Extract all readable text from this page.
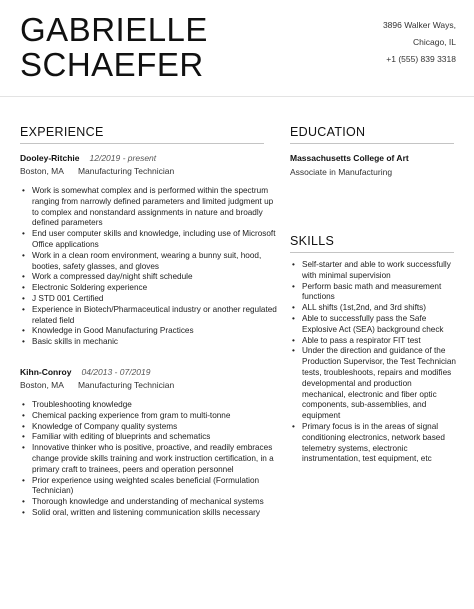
GABRIELLE
SCHAEFER
3896 Walker Ways,
Chicago, IL
+1 (555) 839 3318
EXPERIENCE
Dooley-Ritchie 12/2019 - present
Boston, MA Manufacturing Technician
• Work is somewhat complex and is performed within the spectrum ranging from narrowly defined parameters and limited judgment up to complex and nonstandard assignments in nature and broadly defined parameters
• End user computer skills and knowledge, including use of Microsoft Office applications
• Work in a clean room environment, wearing a bunny suit, hood, booties, safety glasses, and gloves
• Work a compressed day/night shift schedule
• Electronic Soldering experience
• J STD 001 Certified
• Experience in Biotech/Pharmaceutical industry or another regulated related field
• Knowledge in Good Manufacturing Practices
• Basic skills in mechanic
Kihn-Conroy 04/2013 - 07/2019
Boston, MA Manufacturing Technician
• Troubleshooting knowledge
• Chemical packing experience from gram to multi-tonne
• Knowledge of Company quality systems
• Familiar with editing of blueprints and schematics
• Innovative thinker who is positive, proactive, and readily embraces change provide skills training and work instruction certification, in a primary craft to trainees, peers and operation personnel
• Prior experience using weighted scales beneficial (Formulation Technician)
• Thorough knowledge and understanding of mechanical systems
• Solid oral, written and listening communication skills necessary
EDUCATION
Massachusetts College of Art
Associate in Manufacturing
SKILLS
• Self-starter and able to work successfully with minimal supervision
• Perform basic math and measurement functions
• ALL shifts (1st,2nd, and 3rd shifts)
• Able to successfully pass the Safe Explosive Act (SEA) background check
• Able to pass a respirator FIT test
• Under the direction and guidance of the Production Supervisor, the Test Technician tests, troubleshoots, repairs and modifies developmental and production mechanical, electronic and fiber optic components, sub-assemblies, and equipment
• Primary focus is in the areas of signal conditioning electronics, network based telemetry systems, electronic instrumentation, test equipment, etc
